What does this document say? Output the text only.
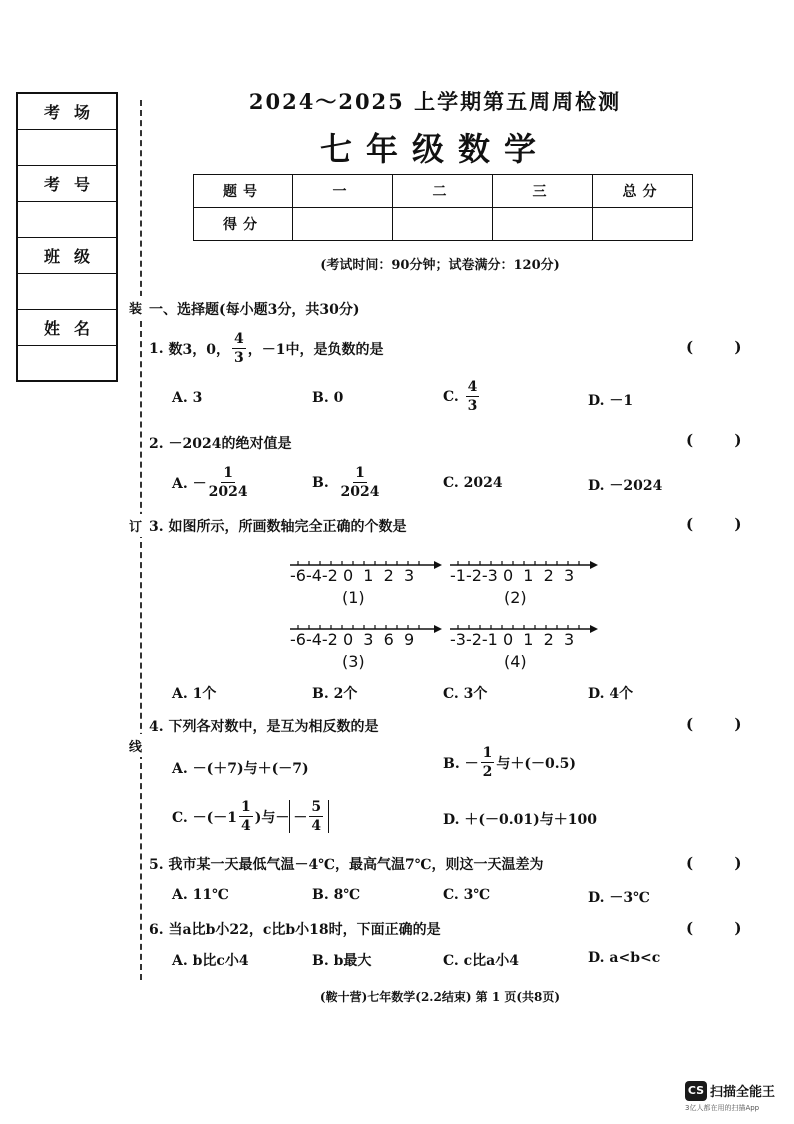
考场
考号
班级
姓名
装
订
线
2024～2025 上学期第五周周检测
七年级数学
题号	一	二	三	总分
得分				
(考试时间：90分钟；试卷满分：120分)
一、选择题(每小题3分，共30分)
1.
数3，0， $\frac{4}{3}$ ，－1中，是负数的是	( )
A. 3	B. 0	C.
$\frac{4}{3}$	D. －1
2. －2024的绝对值是	( )
A. － $\frac{1}{2024}$	B.
$\frac{1}{2024}$	C. 2024	D. －2024
3. 如图所示，所画数轴完全正确的个数是	( )
-6-4-2 0  1  2  3
(1)
-1-2-3 0  1  2  3
(2)
-6-4-2 0  3  6  9
(3)
-3-2-1 0  1  2  3
(4)
A. 1个	B. 2个	C. 3个	D. 4个
4. 下列各对数中，是互为相反数的是	( )
A. －(＋7)与＋(－7)	B. － $\frac{1}{2}$ 与＋(－0.5)
C. $-(-1 \frac{1}{4}$ )与－ － $\frac{5}{4}$	D. ＋(－0.01)与＋100
5. 我市某一天最低气温－4℃，最高气温7℃，则这一天温差为	( )
A. 11℃	B. 8℃	C. 3℃	D. －3℃
6. 当a比b小22，c比b小18时，下面正确的是	( )
A. b比c小4	B. b最大	C. c比a小4	D. a<b<c
(鞍十营)七年数学(2.2结束) 第 1 页(共8页)
CS 扫描全能王
3亿人都在用的扫描App
